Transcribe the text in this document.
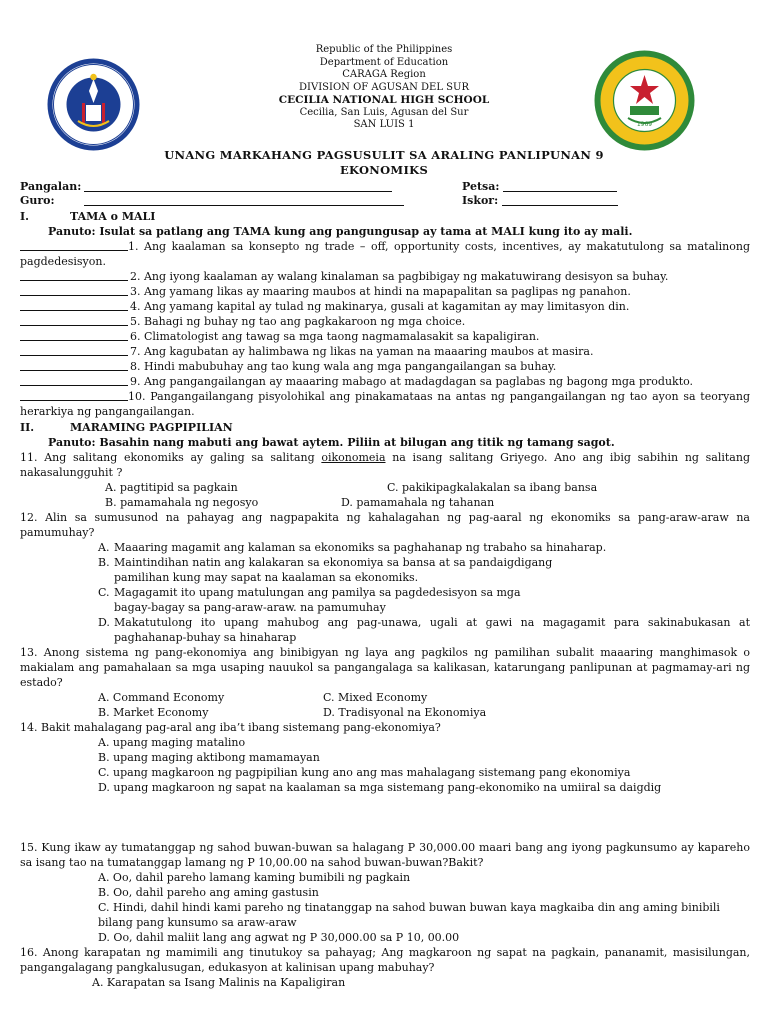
★
1969
Republic of the Philippines
Department of Education
CARAGA Region
DIVISION OF AGUSAN DEL SUR
CECILIA NATIONAL HIGH SCHOOL
Cecilia, San Luis, Agusan del Sur
SAN LUIS 1
UNANG MARKAHANG PAGSUSULIT SA ARALING PANLIPUNAN 9
EKONOMIKS
Pangalan:	Petsa:
Guro:	Iskor:
I.	TAMA o MALI
Panuto: Isulat sa patlang ang TAMA kung ang pangungusap ay tama at MALI kung ito ay mali.
1. Ang kaalaman sa konsepto ng trade – off, opportunity costs, incentives, ay makatutulong sa matalinong pagdedesisyon.
2. Ang iyong kaalaman ay walang kinalaman sa pagbibigay ng makatuwirang desisyon sa buhay.
3. Ang yamang likas ay maaring maubos at hindi na mapapalitan sa paglipas ng panahon.
4. Ang yamang kapital ay tulad ng makinarya, gusali at kagamitan ay may limitasyon din.
5. Bahagi ng buhay ng tao ang pagkakaroon ng mga choice.
6. Climatologist ang tawag sa mga taong nagmamalasakit sa kapaligiran.
7. Ang kagubatan ay halimbawa ng likas na yaman na maaaring maubos at masira.
8. Hindi mabubuhay ang tao kung wala ang mga pangangailangan sa buhay.
9. Ang pangangailangan ay maaaring mabago at madagdagan sa paglabas ng bagong mga produkto.
10. Pangangailangang pisyolohikal ang pinakamataas na antas ng pangangailangan ng tao ayon sa teoryang herarkiya ng pangangailangan.
II.	MARAMING PAGPIPILIAN
Panuto: Basahin nang mabuti ang bawat aytem. Piliin at bilugan ang titik ng tamang sagot.
11. Ang salitang ekonomiks ay galing sa salitang oikonomeia na isang salitang Griyego. Ano ang ibig sabihin ng salitang nakasalungguhit ?
A. pagtitipid sa pagkain	C. pakikipagkalakalan sa ibang bansa
B. pamamahala ng negosyo	D. pamamahala ng tahanan
12. Alin sa sumusunod na pahayag ang nagpapakita ng kahalagahan ng pag-aaral ng ekonomiks sa pang-araw-araw na pamumuhay?
A. Maaaring magamit ang kalaman sa ekonomiks sa paghahanap ng trabaho sa hinaharap.
B. Maintindihan natin ang kalakaran sa ekonomiya sa bansa at sa pandaigdigang
pamilihan kung may sapat na kaalaman sa ekonomiks.
C. Magagamit ito upang matulungan ang pamilya sa pagdedesisyon sa mga
bagay-bagay sa pang-araw-araw. na pamumuhay
D. Makatutulong ito upang mahubog ang pag-unawa, ugali at gawi na magagamit para sakinabukasan at paghahanap-buhay sa hinaharap
13. Anong sistema ng pang-ekonomiya ang binibigyan ng laya ang pagkilos ng pamilihan subalit maaaring manghimasok o makialam ang pamahalaan sa mga usaping nauukol sa pangangalaga sa kalikasan, katarungang panlipunan at pagmamay-ari ng estado?
A. Command Economy	C. Mixed Economy
B. Market Economy	D. Tradisyonal na Ekonomiya
14. Bakit mahalagang pag-aral ang iba’t ibang sistemang pang-ekonomiya?
A. upang maging matalino
B. upang maging aktibong mamamayan
C. upang magkaroon ng pagpipilian kung ano ang mas mahalagang sistemang pang ekonomiya
D. upang magkaroon ng sapat na kaalaman sa mga sistemang pang-ekonomiko na umiiral sa daigdig
15. Kung ikaw ay tumatanggap ng sahod buwan-buwan sa halagang P 30,000.00 maari bang ang iyong pagkunsumo ay kapareho sa isang tao na tumatanggap lamang ng P 10,00.00 na sahod buwan-buwan?Bakit?
A. Oo, dahil pareho lamang kaming bumibili ng pagkain
B. Oo, dahil pareho ang aming gastusin
C. Hindi, dahil hindi kami pareho ng tinatanggap na sahod buwan buwan kaya magkaiba din ang aming binibili bilang pang kunsumo sa araw-araw
D. Oo, dahil maliit lang ang agwat ng P 30,000.00 sa P 10, 00.00
16. Anong karapatan ng mamimili ang tinutukoy sa pahayag; Ang magkaroon ng sapat na pagkain, pananamit, masisilungan, pangangalagang pangkalusugan, edukasyon at kalinisan upang mabuhay?
A. Karapatan sa Isang Malinis na Kapaligiran
